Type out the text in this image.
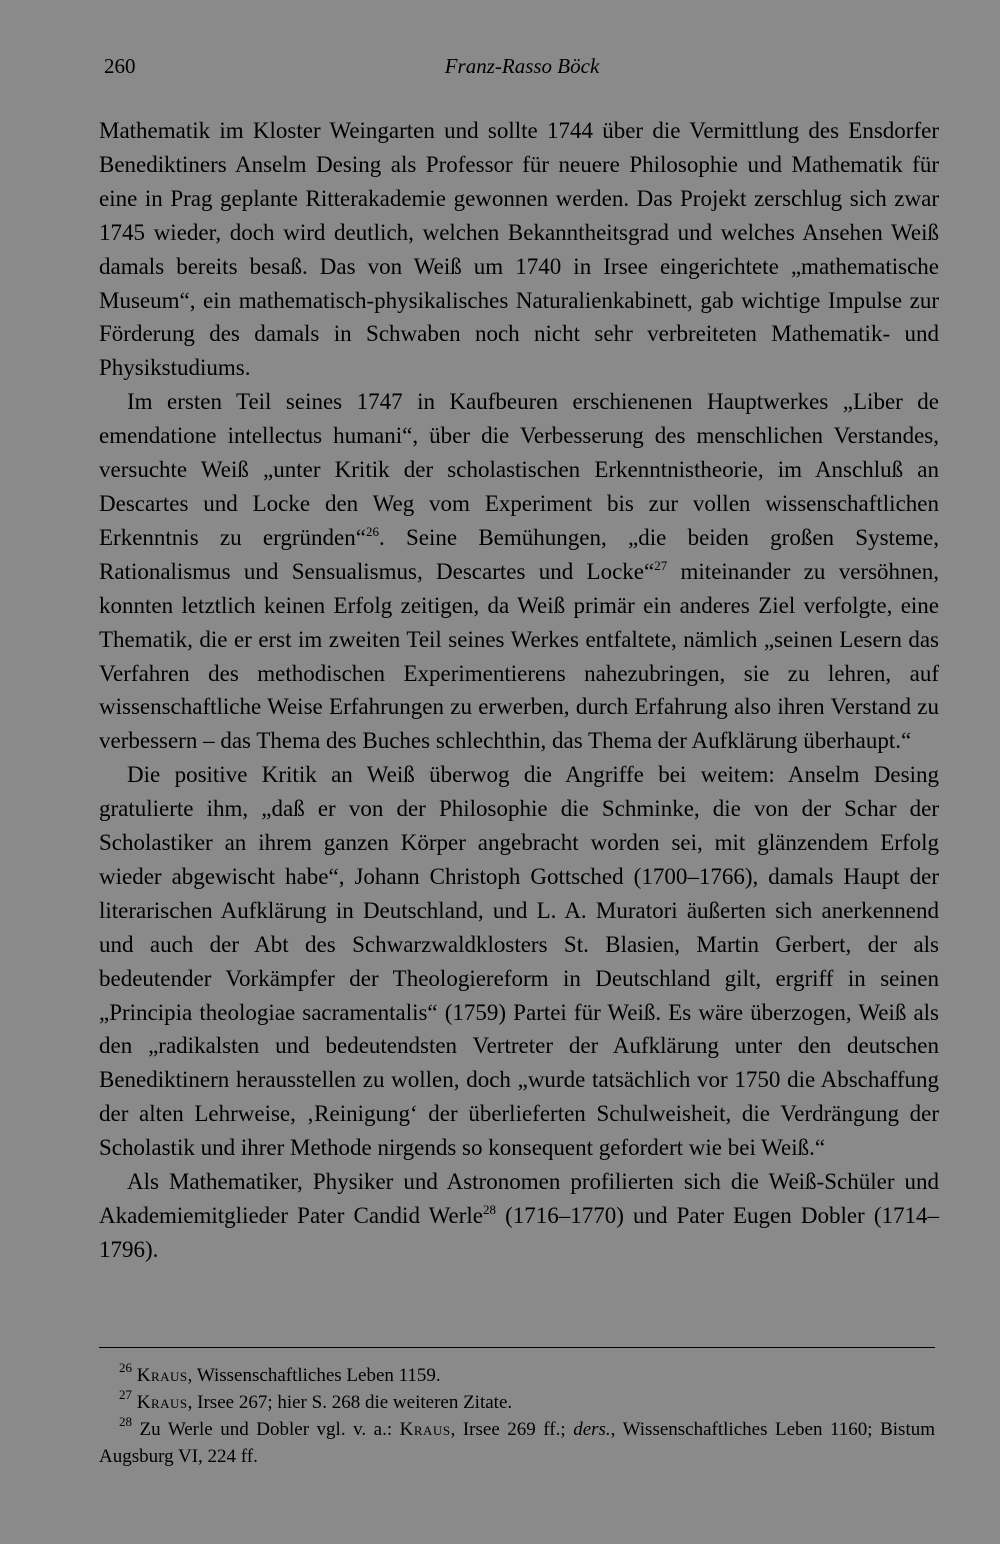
260	Franz-Rasso Böck

Mathematik im Kloster Weingarten und sollte 1744 über die Vermittlung des Ensdorfer Benediktiners Anselm Desing als Professor für neuere Philosophie und Mathematik für eine in Prag geplante Ritterakademie gewonnen werden. Das Projekt zerschlug sich zwar 1745 wieder, doch wird deutlich, welchen Bekanntheitsgrad und welches Ansehen Weiß damals bereits besaß. Das von Weiß um 1740 in Irsee eingerichtete „mathematische Museum“, ein mathematisch-physikalisches Naturalienkabinett, gab wichtige Impulse zur Förderung des damals in Schwaben noch nicht sehr verbreiteten Mathematik- und Physikstudiums.

Im ersten Teil seines 1747 in Kaufbeuren erschienenen Hauptwerkes „Liber de emendatione intellectus humani“, über die Verbesserung des menschlichen Verstandes, versuchte Weiß „unter Kritik der scholastischen Erkenntnistheorie, im Anschluß an Descartes und Locke den Weg vom Experiment bis zur vollen wissenschaftlichen Erkenntnis zu ergründen“$^{26}$. Seine Bemühungen, „die beiden großen Systeme, Rationalismus und Sensualismus, Descartes und Locke“$^{27}$ miteinander zu versöhnen, konnten letztlich keinen Erfolg zeitigen, da Weiß primär ein anderes Ziel verfolgte, eine Thematik, die er erst im zweiten Teil seines Werkes entfaltete, nämlich „seinen Lesern das Verfahren des methodischen Experimentierens nahezubringen, sie zu lehren, auf wissenschaftliche Weise Erfahrungen zu erwerben, durch Erfahrung also ihren Verstand zu verbessern – das Thema des Buches schlechthin, das Thema der Aufklärung überhaupt.“

Die positive Kritik an Weiß überwog die Angriffe bei weitem: Anselm Desing gratulierte ihm, „daß er von der Philosophie die Schminke, die von der Schar der Scholastiker an ihrem ganzen Körper angebracht worden sei, mit glänzendem Erfolg wieder abgewischt habe“, Johann Christoph Gottsched (1700–1766), damals Haupt der literarischen Aufklärung in Deutschland, und L. A. Muratori äußerten sich anerkennend und auch der Abt des Schwarzwaldklosters St. Blasien, Martin Gerbert, der als bedeutender Vorkämpfer der Theologiereform in Deutschland gilt, ergriff in seinen „Principia theologiae sacramentalis“ (1759) Partei für Weiß. Es wäre überzogen, Weiß als den „radikalsten und bedeutendsten Vertreter der Aufklärung unter den deutschen Benediktinern herausstellen zu wollen, doch „wurde tatsächlich vor 1750 die Abschaffung der alten Lehrweise, ‚Reinigung‘ der überlieferten Schulweisheit, die Verdrängung der Scholastik und ihrer Methode nirgends so konsequent gefordert wie bei Weiß.“

Als Mathematiker, Physiker und Astronomen profilierten sich die Weiß-Schüler und Akademiemitglieder Pater Candid Werle$^{28}$ (1716–1770) und Pater Eugen Dobler (1714–1796).

$^{26}$ Kraus, Wissenschaftliches Leben 1159.

$^{27}$ Kraus, Irsee 267; hier S. 268 die weiteren Zitate.

$^{28}$ Zu Werle und Dobler vgl. v. a.: Kraus, Irsee 269 ff.; ders., Wissenschaftliches Leben 1160; Bistum Augsburg VI, 224 ff.
